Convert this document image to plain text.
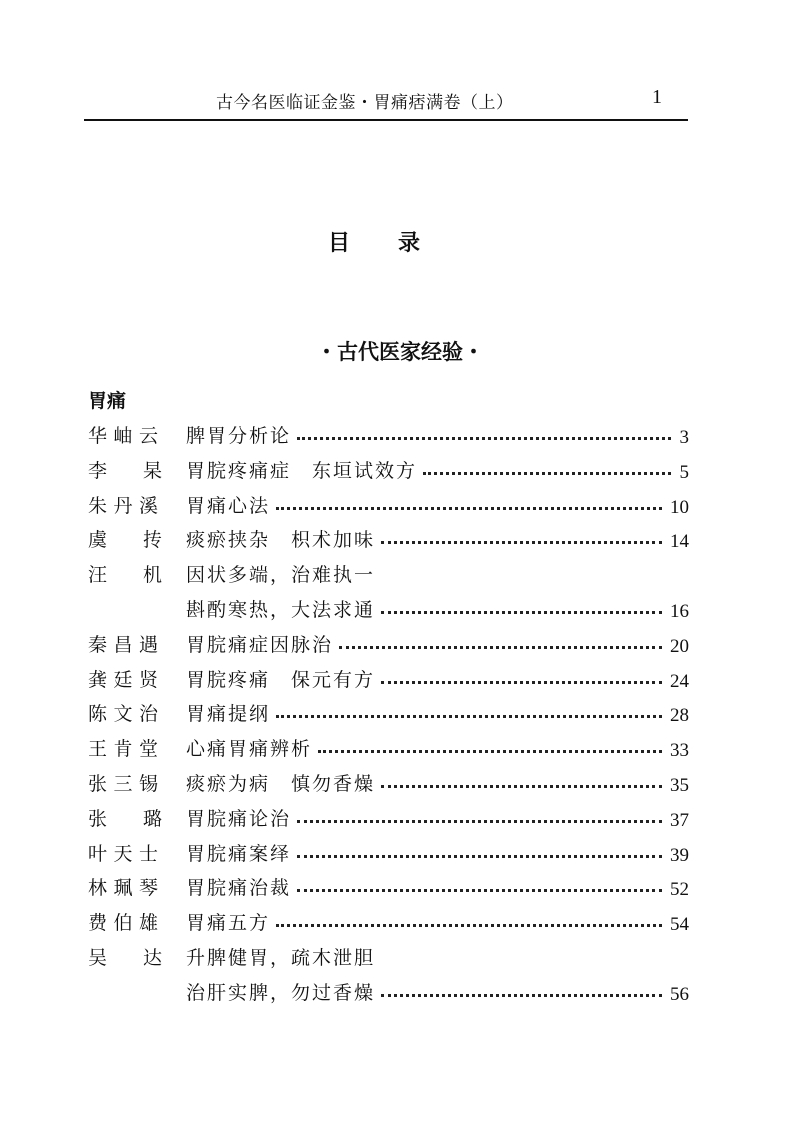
古今名医临证金鉴・胃痛痞满卷（上）	1
目录
・古代医家经验・
胃痛
华 岫 云 脾胃分析论	3
李 杲 胃脘疼痛症　东垣试效方	5
朱 丹 溪 胃痛心法	10
虞 抟 痰瘀挟杂　枳术加味	14
汪 机 因状多端，治难执一
斟酌寒热，大法求通	16
秦 昌 遇 胃脘痛症因脉治	20
龚 廷 贤 胃脘疼痛　保元有方	24
陈 文 治 胃痛提纲	28
王 肯 堂 心痛胃痛辨析	33
张 三 锡 痰瘀为病　慎勿香燥	35
张 璐 胃脘痛论治	37
叶 天 士 胃脘痛案绎	39
林 珮 琴 胃脘痛治裁	52
费 伯 雄 胃痛五方	54
吴 达 升脾健胃，疏木泄胆
治肝实脾，勿过香燥	56
